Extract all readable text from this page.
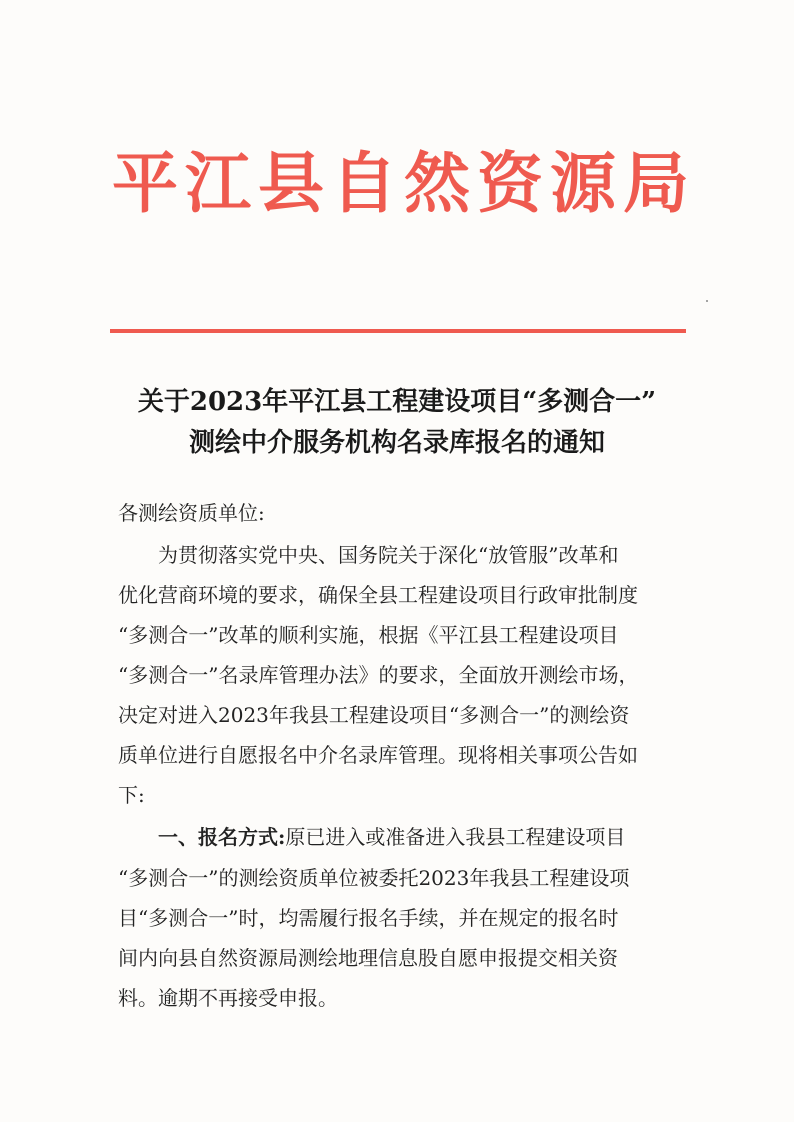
平江县自然资源局
关于2023年平江县工程建设项目“多测合一”
测绘中介服务机构名录库报名的通知
各测绘资质单位:
为贯彻落实党中央、国务院关于深化“放管服”改革和
优化营商环境的要求，确保全县工程建设项目行政审批制度
“多测合一”改革的顺利实施，根据《平江县工程建设项目
“多测合一”名录库管理办法》的要求，全面放开测绘市场，
决定对进入2023年我县工程建设项目“多测合一”的测绘资
质单位进行自愿报名中介名录库管理。现将相关事项公告如
下:
一、报名方式:原已进入或准备进入我县工程建设项目
“多测合一”的测绘资质单位被委托2023年我县工程建设项
目“多测合一”时，均需履行报名手续，并在规定的报名时
间内向县自然资源局测绘地理信息股自愿申报提交相关资
料。逾期不再接受申报。
